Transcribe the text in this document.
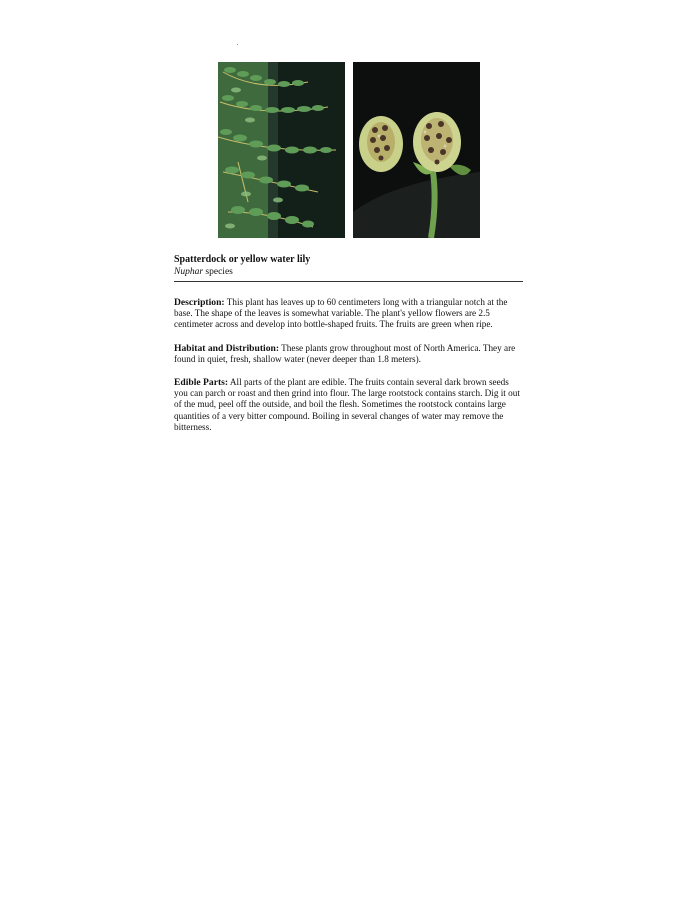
Spatterdock or yellow water lily

Nuphar species

Description: This plant has leaves up to 60 centimeters long with a triangular notch at the base. The shape of the leaves is somewhat variable. The plant's yellow flowers are 2.5 centimeter across and develop into bottle-shaped fruits. The fruits are green when ripe.

Habitat and Distribution: These plants grow throughout most of North America. They are found in quiet, fresh, shallow water (never deeper than 1.8 meters).

Edible Parts: All parts of the plant are edible. The fruits contain several dark brown seeds you can parch or roast and then grind into flour. The large rootstock contains starch. Dig it out of the mud, peel off the outside, and boil the flesh. Sometimes the rootstock contains large quantities of a very bitter compound. Boiling in several changes of water may remove the bitterness.
